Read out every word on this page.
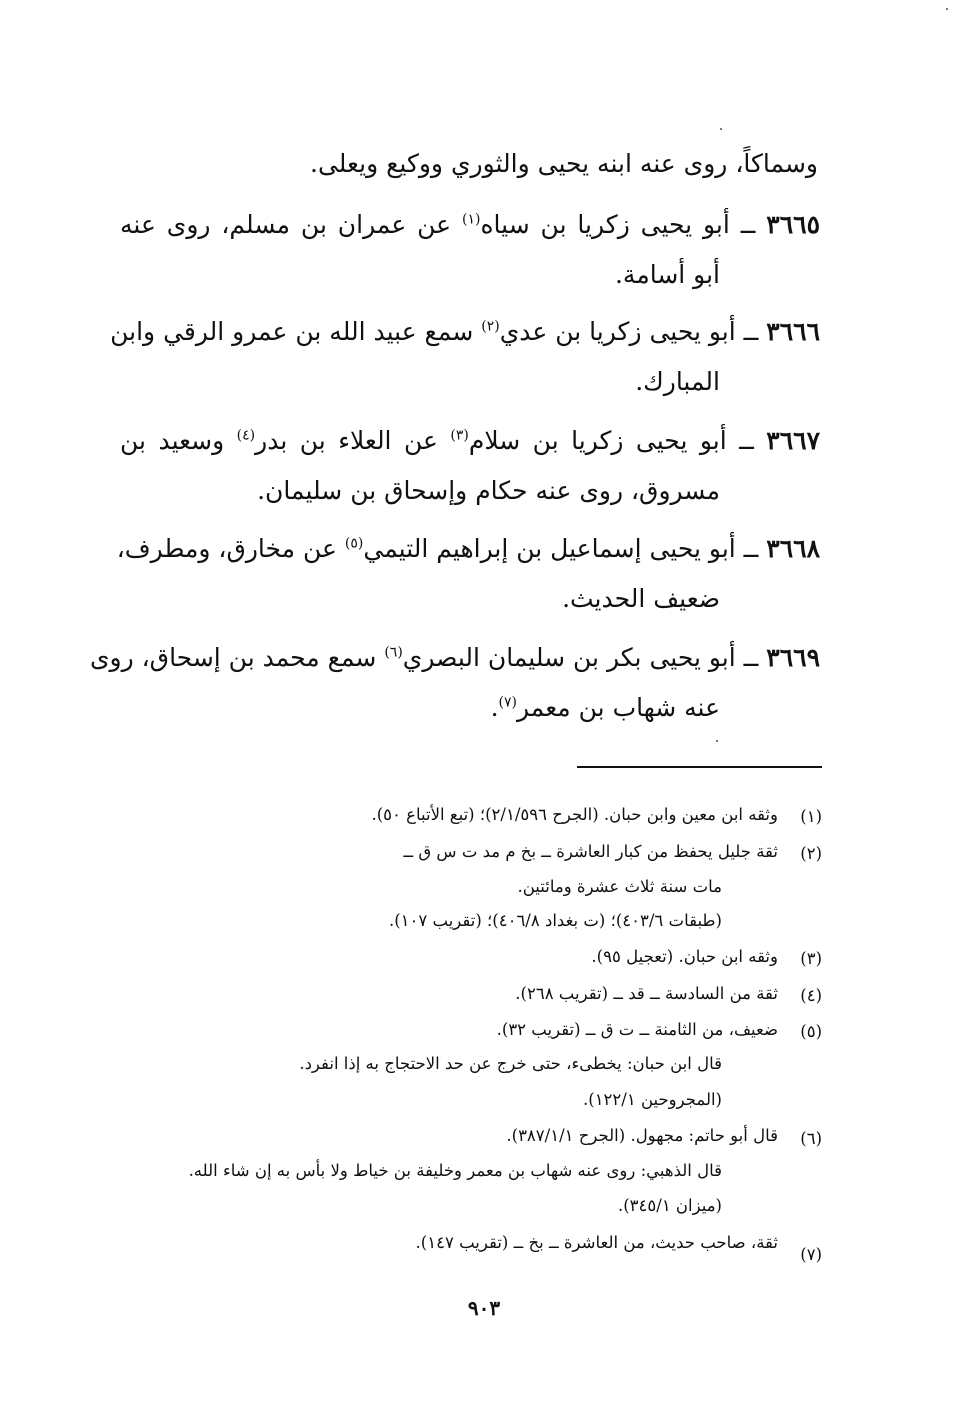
وسماكاً، روى عنه ابنه يحيى والثوري ووكيع ويعلى.
٣٦٦٥ ــ أبو يحيى زكريا بن سياه$^{(١)}$ عن عمران بن مسلم، روى عنه
أبو أسامة.
٣٦٦٦ ــ أبو يحيى زكريا بن عدي$^{(٢)}$ سمع عبيد الله بن عمرو الرقي وابن
المبارك.
٣٦٦٧ ــ أبو يحيى زكريا بن سلام$^{(٣)}$ عن العلاء بن بدر$^{(٤)}$ وسعيد بن
مسروق، روى عنه حكام وإسحاق بن سليمان.
٣٦٦٨ ــ أبو يحيى إسماعيل بن إبراهيم التيمي$^{(٥)}$ عن مخارق، ومطرف،
ضعيف الحديث.
٣٦٦٩ ــ أبو يحيى بكر بن سليمان البصري$^{(٦)}$ سمع محمد بن إسحاق، روى
عنه شهاب بن معمر$^{(٧)}$.
(١)
وثقه ابن معين وابن حبان. (الجرح ٢/١/٥٩٦)؛ (تبع الأتباع ٥٠).
(٢)
ثقة جليل يحفظ من كبار العاشرة ــ بخ م مد ت س ق ــ
مات سنة ثلاث عشرة ومائتين.
(طبقات ٤٠٣/٦)؛ (ت بغداد ٤٠٦/٨)؛ (تقريب ١٠٧).
(٣)
وثقه ابن حبان. (تعجيل ٩٥).
(٤)
ثقة من السادسة ــ قد ــ (تقريب ٢٦٨).
(٥)
ضعيف، من الثامنة ــ ت ق ــ (تقريب ٣٢).
قال ابن حبان: يخطىء، حتى خرج عن حد الاحتجاج به إذا انفرد.
(المجروحين ١٢٢/١).
(٦)
قال أبو حاتم: مجهول. (الجرح ٣٨٧/١/١).
قال الذهبي: روى عنه شهاب بن معمر وخليفة بن خياط ولا بأس به إن شاء الله.
(ميزان ٣٤٥/١).
(٧)
ثقة، صاحب حديث، من العاشرة ــ بخ ــ (تقريب ١٤٧).
٩٠٣
